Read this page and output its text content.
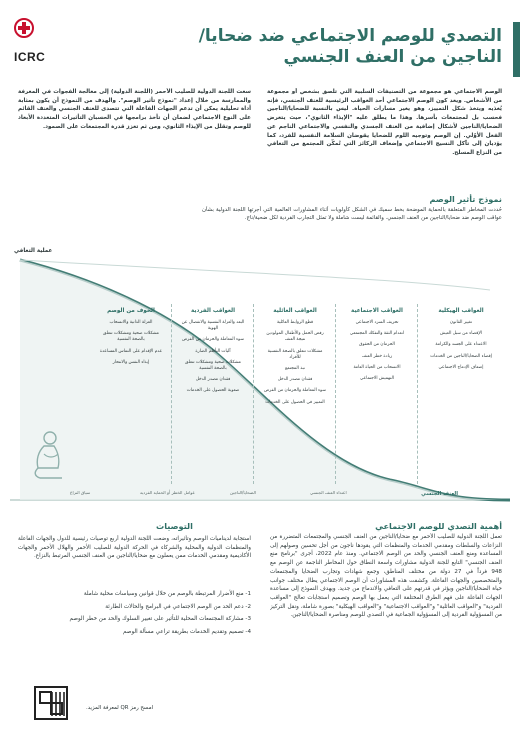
التصدي للوصم الاجتماعي ضد ضحايا/
الناجين من العنف الجنسي
ICRC

الوصم الاجتماعي هو مجموعة من التصنيفات السلبية التي تلصق بشخص أو مجموعة من الأشخاص. ويعد كون الوصم الاجتماعي أحد العواقب الرئيسية للعنف الجنسي، فإنه يُغذيه ويتخذ شكل التمييز، وهو يغير مسارات الحياة. ليس بالنسبة للضحايا/الناجين فحسب بل لمجتمعات بأسرها. وهذا ما يطلق عليه "الإيذاء الثانوي"، حيث يتعرض الضحايا/الناجين لأشكال إضافية من العنف الجسدي والنفسي والاجتماعي الناجم عن الفعل الأوّلي. إن الوصم وتوجيه اللوم للضحايا يقوضان السلامة النفسية للفرد، كما يؤديان إلى تآكل النسيج الاجتماعي وإضعاف الركائز التي تُمكّن المجتمع من التعافي من النزاع المسلح.

سعت اللجنة الدولية للصليب الأحمر (اللجنة الدولية) إلى معالجة الفجوات في المعرفة والممارسة من خلال إعداد "نموذج تأثير الوصم". والهدف من النموذج أن يكون بمثابة أداة تحليلية يمكن أن تدعم الجهات الفاعلة التي تتصدى للعنف الجنسي والعنف القائم على النوع الاجتماعي لضمان أن تأخذ برامجها في الحسبان التأثيرات المتعددة الأبعاد للوصم وتقلل من الإيذاء الثانوي، ومن ثم تعزز قدرة المجتمعات على الصمود.

نموذج تأثير الوصم

حُددت المخاطر المتعلقة بالحماية الموضحة بخط سميك في الشكل كأولويات أثناء المشاورات العالمية التي أجرتها اللجنة الدولية بشأن عواقب الوصم ضد ضحايا/الناجين من العنف الجنسي. والقائمة ليست شاملة ولا تمثل التجارب الفردية لكل ضحية/ناج.

عملية التعافي
العواقب الهيكلية
تغيير القانون
الإقصاء من سبل العيش
الاعتداء على الجسد والكرامة
إقصاء الضحايا/الناجين من الخدمات
إضعاف الإدماج الاجتماعي
العواقب الاجتماعية
تحريف السرد الاجتماعي
انعدام الثقة والتفكك المجتمعي
الحرمان من الحقوق
زيادة خطر العنف
الانسحاب من الحياة العامة
التهميش الاجتماعي
العواقب العائلية
قطع الروابط العائلية
رفض الحمل والأطفال المولودين نتيجة العنف
مشكلات تتعلق بالصحة النفسية للأفراد
نبذ المجتمع
فقدان مصدر الدخل
سوء المعاملة والحرمان من الفرص
التمييز في الحصول على الخدمات
العواقب الفردية
البعد والعزلة النفسية والانفصال عن الهوية
سوء المعاملة والحرمان من الفرص
آليات التأقلم الضارة
مشكلات صحية ومشكلات تتعلق بالصحة النفسية
فقدان مصدر الدخل
صعوبة الحصول على الخدمات
الخوف من الوصم
العزلة الذاتية والانسحاب
مشكلات صحية ومشكلات تتعلق بالصحة النفسية
عدم الإقدام على التماس المساعدة
إيذاء النفس والانتحار
اعتداء العنف الجنسي
الضحايا/الناجين
عوامل الخطر أو الحماية الفردية
سياق النزاع	العنف الجنسي
أهمية التصدي للوصم الاجتماعي

تعمل اللجنة الدولية للصليب الأحمر مع ضحايا/الناجين من العنف الجنسي والمجتمعات المتضررة من النزاعات والسلطات ومقدمي الخدمات والمنظمات التي يقودها ناجون من أجل تحسين وصولهم إلى المساعدة ومنع العنف الجنسي والحد من الوصم الاجتماعي. ومنذ عام 2022، أجرى "برنامج منع العنف الجنسي" التابع للجنة الدولية مشاورات واسعة النطاق حول المخاطر الناجمة عن الوصم مع 948 فرداً في 27 دولة من مختلف المناطق، وجمع شهادات وتجارب الضحايا والمجتمعات والمتخصصين والجهات الفاعلة. وكشفت هذه المشاورات أن الوصم الاجتماعي يطال مختلف جوانب حياة الضحايا/الناجين ويؤثر في قدرتهم على التعافي والاندماج من جديد. ويهدف النموذج إلى مساعدة الجهات الفاعلة على فهم الطرق المختلفة التي يعمل بها الوصم وتصميم استجابات تعالج "العواقب الفردية" و"العواقب العائلية" و"العواقب الاجتماعية" و"العواقب الهيكلية" بصورة شاملة، ونقل التركيز من المسؤولية الفردية إلى المسؤولية الجماعية في التصدي للوصم ومناصرة الضحايا/الناجين.

التوصيات

استجابة لديناميات الوصم وتأثيراته، وضعت اللجنة الدولية أربع توصيات رئيسية للدول والجهات الفاعلة والمنظمات الدولية والمحلية والشركاء في الحركة الدولية للصليب الأحمر والهلال الأحمر والجهات الأكاديمية ومقدمي الخدمات ممن يعملون مع ضحايا/الناجين من العنف الجنسي المرتبط بالنزاع.

1- منع الأضرار المرتبطة بالوصم من خلال قوانين وسياسات محلية شاملة
2- دعم الحد من الوصم الاجتماعي في البرامج والحالات الطارئة
3- مشاركة المجتمعات المحلية للتأثير على تغيير السلوك والحد من خطر الوصم
4- تصميم وتقديم الخدمات بطريقة تراعي مسألة الوصم
امسح رمز QR لمعرفة المزيد.
